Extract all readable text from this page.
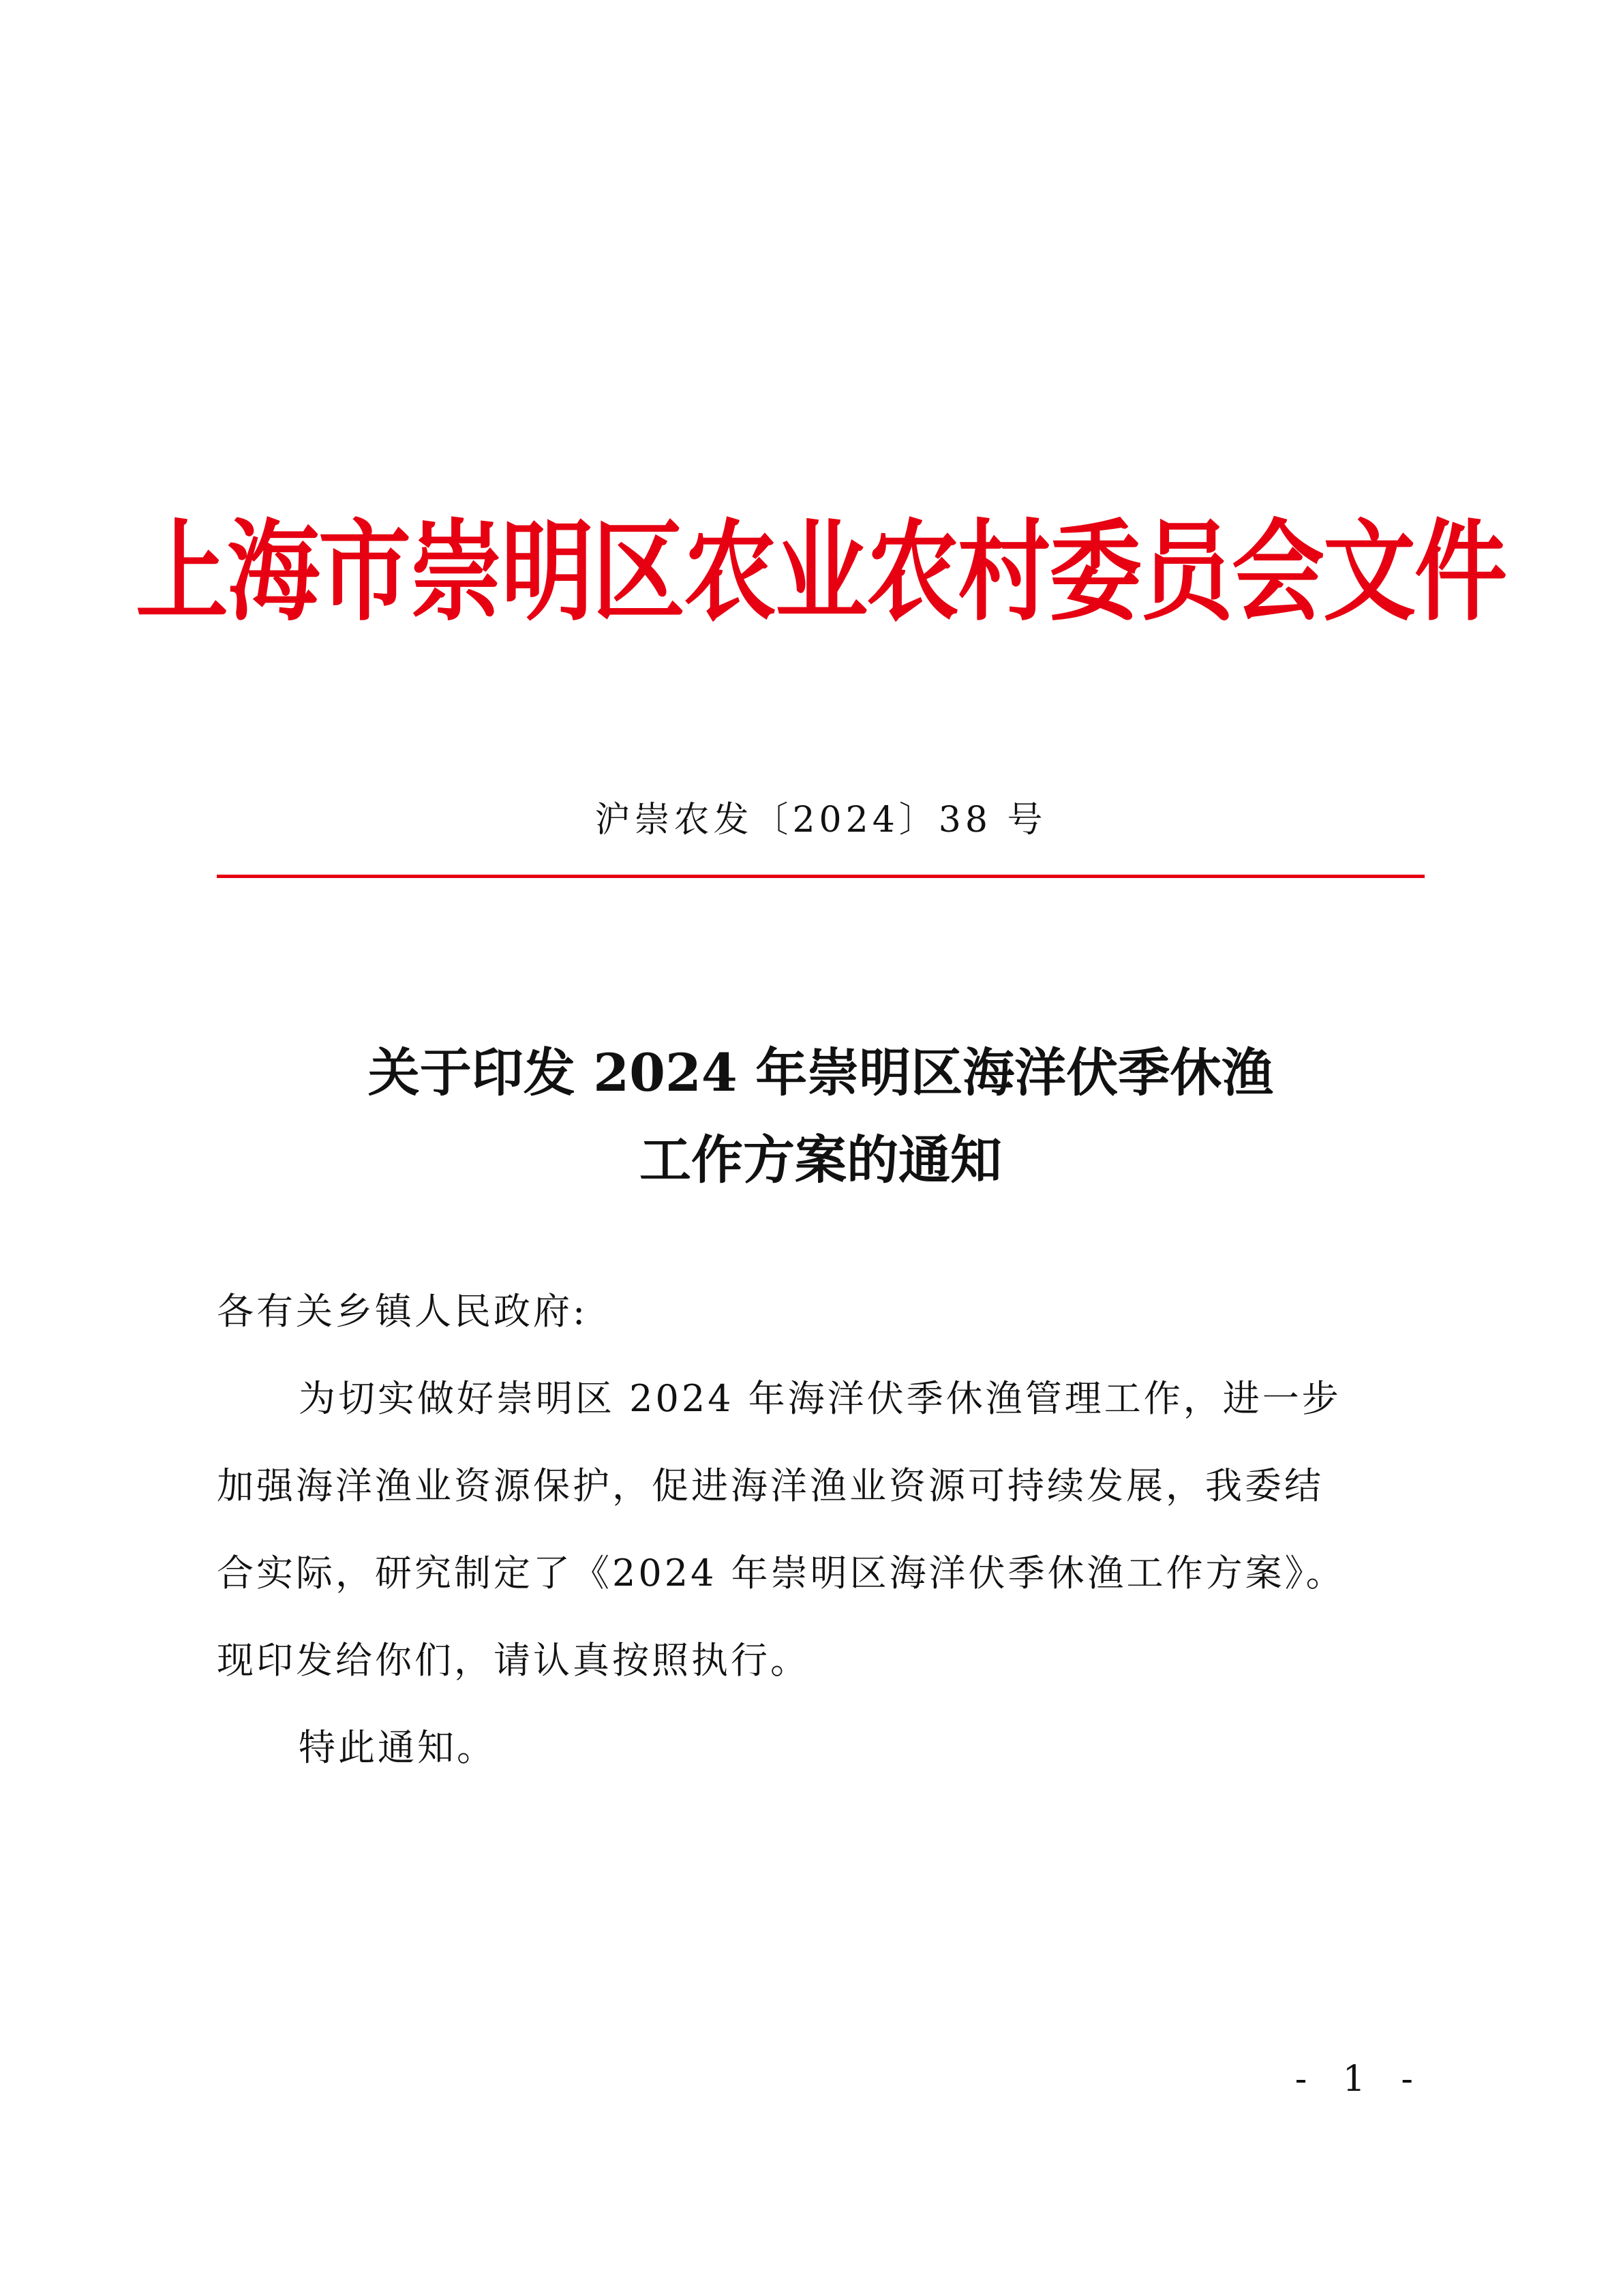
上海市崇明区农业农村委员会文件
沪崇农发〔2024〕38 号
关于印发 2024 年崇明区海洋伏季休渔
工作方案的通知

各有关乡镇人民政府:

为切实做好崇明区 2024 年海洋伏季休渔管理工作，进一步

加强海洋渔业资源保护，促进海洋渔业资源可持续发展，我委结

合实际，研究制定了《2024 年崇明区海洋伏季休渔工作方案》。

现印发给你们，请认真按照执行。

特此通知。

- 1 -
